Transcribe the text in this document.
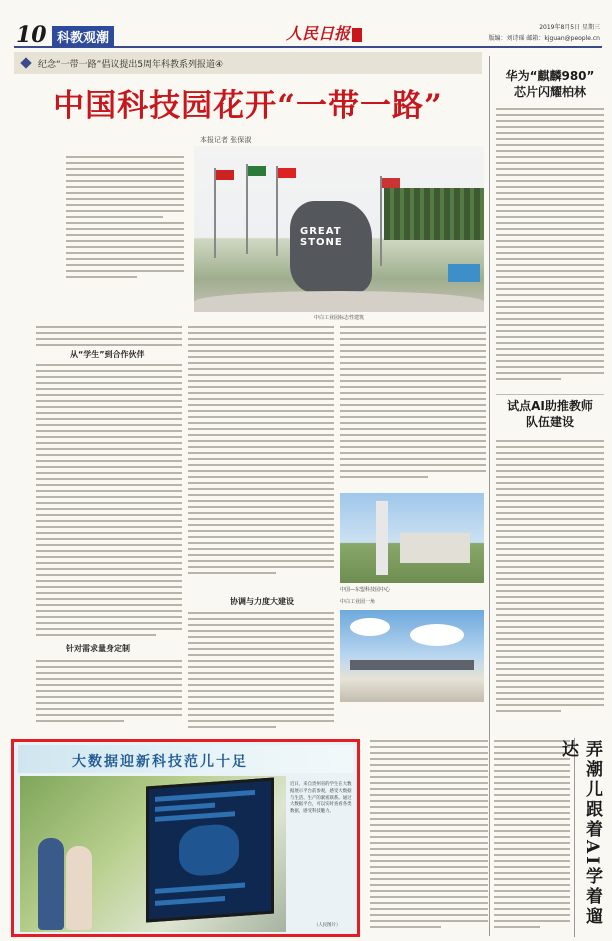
10 科教观潮	人民日报	2019年8月5日 星期三
版编：刘诗瑶 邮箱：kjguan@people.cn
纪念“一带一路”倡议提出5周年科教系列报道④
中国科技园花开“一带一路”
本报记者 张保淑
GREAT
STONE
中白工业园标志性建筑
从“学生”到合作伙伴
针对需求量身定制
协调与力度大建设
中国—东盟科技园中心
中白工业园一角
华为“麒麟980”
芯片闪耀柏林
试点AI助推教师
队伍建设
大数据迎新科技范儿十足
近日，来自贵州省的学生在大数据展示平台前参观，感受大数据与生活、生产的紧密联系。通过大数据平台，可以实时查看各类数据，感受科技魅力。
（人民图片）	弄潮儿跟着AI学着遛达
